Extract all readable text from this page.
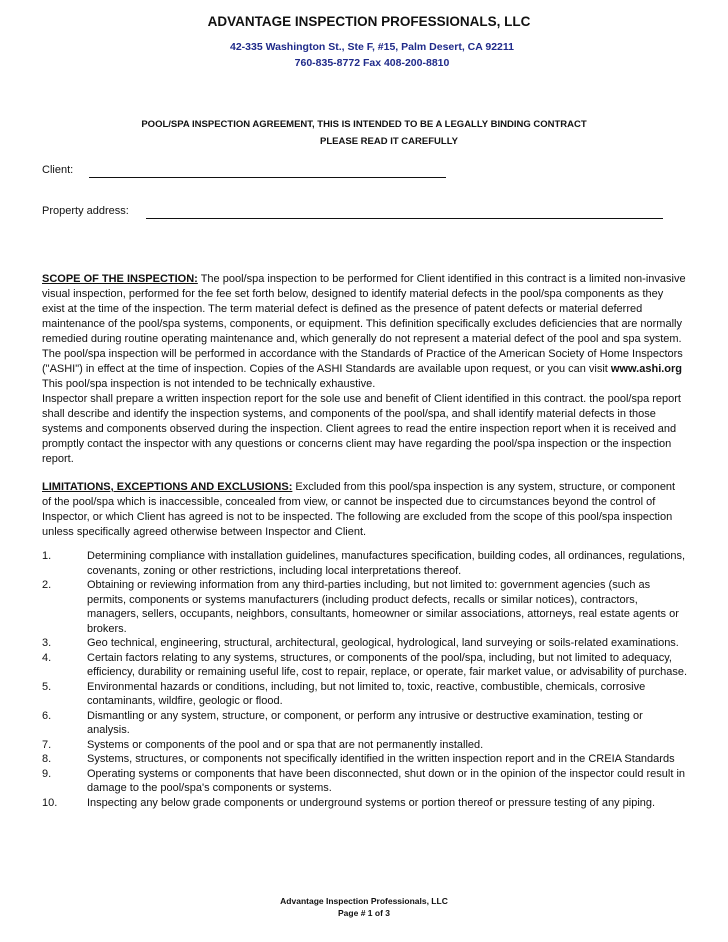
ADVANTAGE INSPECTION PROFESSIONALS, LLC
42-335 Washington St., Ste F, #15, Palm Desert, CA 92211
760-835-8772 Fax 408-200-8810
POOL/SPA INSPECTION AGREEMENT, THIS IS INTENDED TO BE A LEGALLY BINDING CONTRACT
PLEASE READ IT CAREFULLY
Client:
Property address:

SCOPE OF THE INSPECTION: The pool/spa inspection to be performed for Client identified in this contract is a limited non-invasive visual inspection, performed for the fee set forth below, designed to identify material defects in the pool/spa components as they exist at the time of the inspection. The term material defect is defined as the presence of patent defects or material deferred maintenance of the pool/spa systems, components, or equipment. This definition specifically excludes deficiencies that are normally remedied during routine operating maintenance and, which generally do not represent a material defect of the pool and spa system.

The pool/spa inspection will be performed in accordance with the Standards of Practice of the American Society of Home Inspectors ("ASHI") in effect at the time of inspection. Copies of the ASHI Standards are available upon request, or you can visit www.ashi.org This pool/spa inspection is not intended to be technically exhaustive.

Inspector shall prepare a written inspection report for the sole use and benefit of Client identified in this contract. the pool/spa report shall describe and identify the inspection systems, and components of the pool/spa, and shall identify material defects in those systems and components observed during the inspection. Client agrees to read the entire inspection report when it is received and promptly contact the inspector with any questions or concerns client may have regarding the pool/spa inspection or the inspection report.

LIMITATIONS, EXCEPTIONS AND EXCLUSIONS: Excluded from this pool/spa inspection is any system, structure, or component of the pool/spa which is inaccessible, concealed from view, or cannot be inspected due to circumstances beyond the control of Inspector, or which Client has agreed is not to be inspected. The following are excluded from the scope of this pool/spa inspection unless specifically agreed otherwise between Inspector and Client.

1.	Determining compliance with installation guidelines, manufactures specification, building codes, all ordinances, regulations, covenants, zoning or other restrictions, including local interpretations thereof.
2.	Obtaining or reviewing information from any third-parties including, but not limited to: government agencies (such as permits, components or systems manufacturers (including product defects, recalls or similar notices), contractors, managers, sellers, occupants, neighbors, consultants, homeowner or similar associations, attorneys, real estate agents or brokers.
3.	Geo technical, engineering, structural, architectural, geological, hydrological, land surveying or soils-related examinations.
4.	Certain factors relating to any systems, structures, or components of the pool/spa, including, but not limited to adequacy, efficiency, durability or remaining useful life, cost to repair, replace, or operate, fair market value, or advisability of purchase.
5.	Environmental hazards or conditions, including, but not limited to, toxic, reactive, combustible, chemicals, corrosive contaminants, wildfire, geologic or flood.
6.	Dismantling or any system, structure, or component, or perform any intrusive or destructive examination, testing or analysis.
7.	Systems or components of the pool and or spa that are not permanently installed.
8.	Systems, structures, or components not specifically identified in the written inspection report and in the CREIA Standards
9.	Operating systems or components that have been disconnected, shut down or in the opinion of the inspector could result in damage to the pool/spa's components or systems.
10.	Inspecting any below grade components or underground systems or portion thereof or pressure testing of any piping.
Advantage Inspection Professionals, LLC
Page # 1 of 3
